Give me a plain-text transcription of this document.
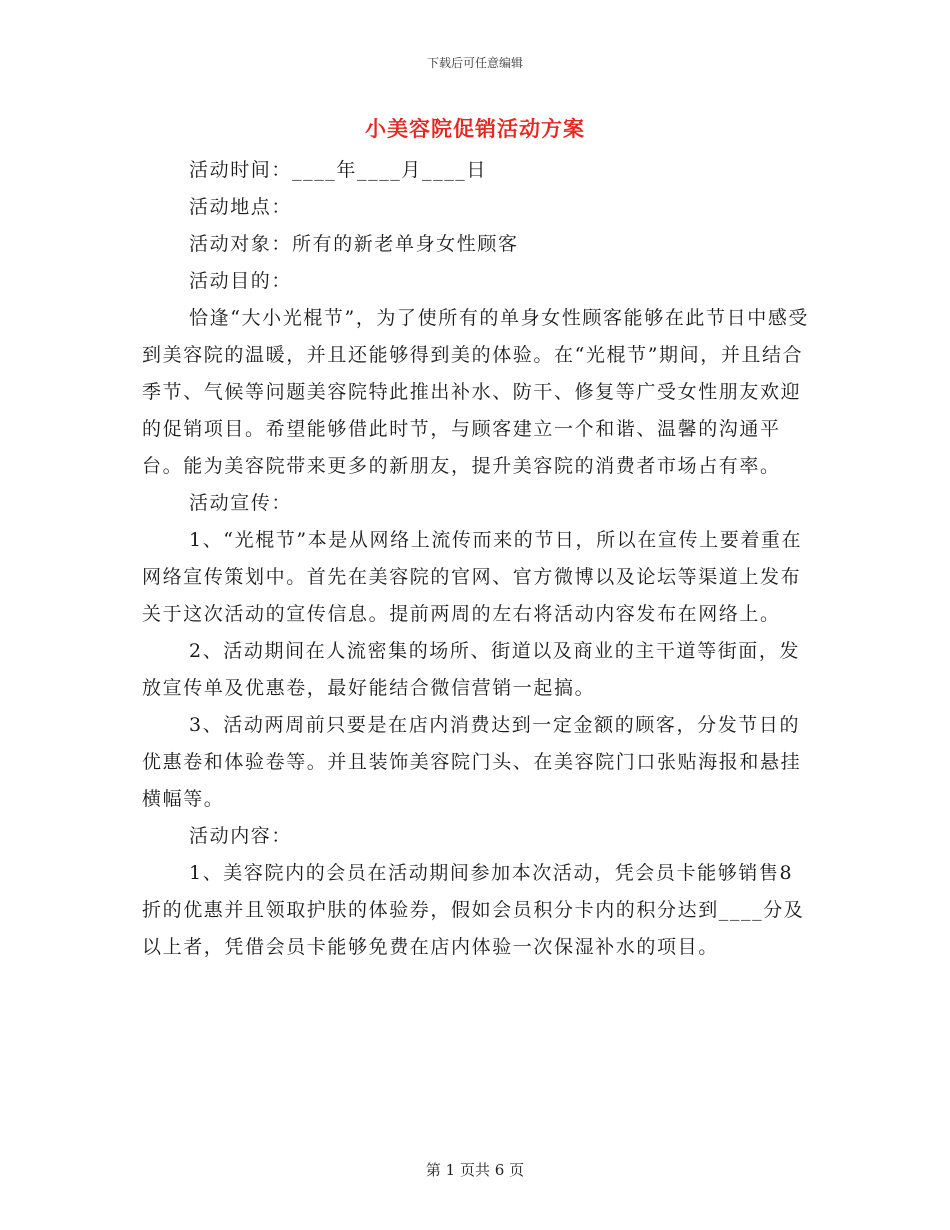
下载后可任意编辑
小美容院促销活动方案

活动时间：____年____月____日

活动地点：

活动对象：所有的新老单身女性顾客

活动目的：

恰逢“大小光棍节”，为了使所有的单身女性顾客能够在此节日中感受到美容院的温暖，并且还能够得到美的体验。在“光棍节”期间，并且结合季节、气候等问题美容院特此推出补水、防干、修复等广受女性朋友欢迎的促销项目。希望能够借此时节，与顾客建立一个和谐、温馨的沟通平台。能为美容院带来更多的新朋友，提升美容院的消费者市场占有率。

活动宣传：

1、“光棍节”本是从网络上流传而来的节日，所以在宣传上要着重在网络宣传策划中。首先在美容院的官网、官方微博以及论坛等渠道上发布关于这次活动的宣传信息。提前两周的左右将活动内容发布在网络上。

2、活动期间在人流密集的场所、街道以及商业的主干道等街面，发放宣传单及优惠卷，最好能结合微信营销一起搞。

3、活动两周前只要是在店内消费达到一定金额的顾客，分发节日的优惠卷和体验卷等。并且装饰美容院门头、在美容院门口张贴海报和悬挂横幅等。

活动内容：

1、美容院内的会员在活动期间参加本次活动，凭会员卡能够销售8折的优惠并且领取护肤的体验券，假如会员积分卡内的积分达到____分及以上者，凭借会员卡能够免费在店内体验一次保湿补水的项目。

第 1 页共 6 页
